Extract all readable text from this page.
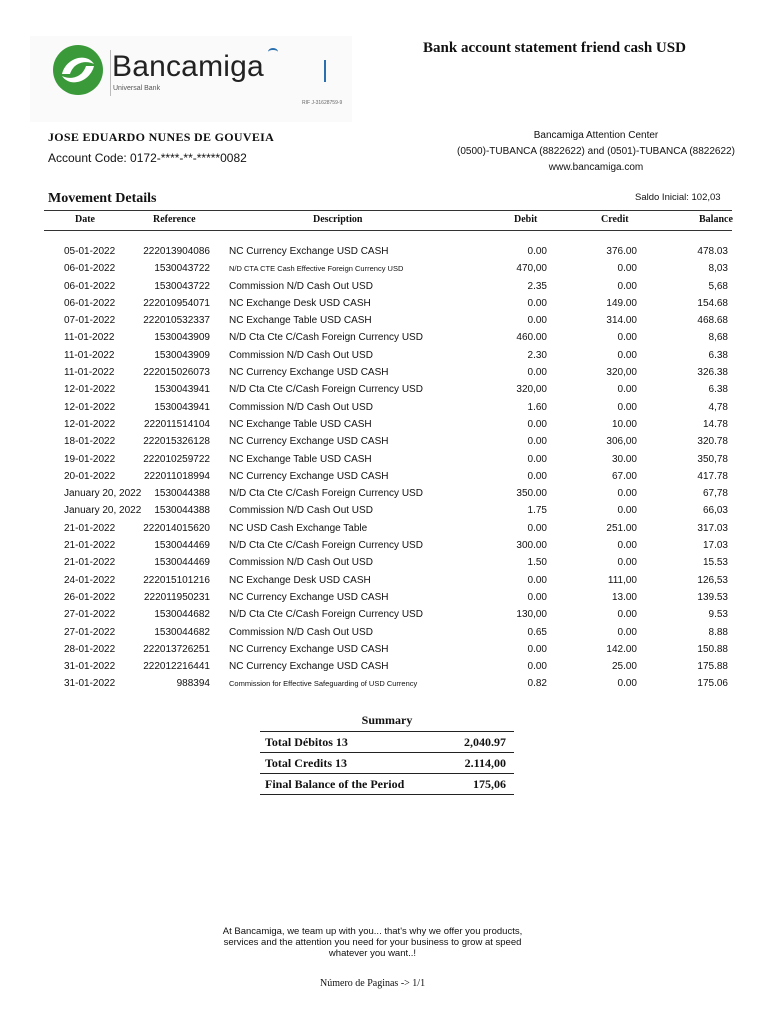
Bancamiga
Universal Bank
RIF J-31628759-9
Bank account statement friend cash USD
JOSE EDUARDO NUNES DE GOUVEIA
Account Code: 0172-****-**-*****0082
Bancamiga Attention Center
(0500)-TUBANCA (8822622) and (0501)-TUBANCA (8822622)
www.bancamiga.com
Movement Details	Saldo Inicial: 102,03
Date	Reference	Description	Debit	Credit	Balance
05-01-2022	222013904086 NC Currency Exchange USD CASH	0.00	376.00	478.03
06-01-2022	1530043722	N/D CTA CTE Cash Effective Foreign Currency USD	470,00	0.00	8,03
06-01-2022	1530043722 Commission N/D Cash Out USD	2.35	0.00	5,68
06-01-2022	222010954071 NC Exchange Desk USD CASH	0.00	149.00	154.68
07-01-2022	222010532337 NC Exchange Table USD CASH	0.00	314.00	468.68
11-01-2022	1530043909 N/D Cta Cte C/Cash Foreign Currency USD	460.00	0.00	8,68
11-01-2022	1530043909 Commission N/D Cash Out USD	2.30	0.00	6.38
11-01-2022	222015026073 NC Currency Exchange USD CASH	0.00	320,00	326.38
12-01-2022	1530043941 N/D Cta Cte C/Cash Foreign Currency USD	320,00	0.00	6.38
12-01-2022	1530043941 Commission N/D Cash Out USD	1.60	0.00	4,78
12-01-2022	222011514104 NC Exchange Table USD CASH	0.00	10.00	14.78
18-01-2022	222015326128 NC Currency Exchange USD CASH	0.00	306,00	320.78
19-01-2022	222010259722 NC Exchange Table USD CASH	0.00	30.00	350,78
20-01-2022	222011018994 NC Currency Exchange USD CASH	0.00	67.00	417.78
January 20, 2022	1530044388 N/D Cta Cte C/Cash Foreign Currency USD	350.00	0.00	67,78
January 20, 2022	1530044388 Commission N/D Cash Out USD	1.75	0.00	66,03
21-01-2022	222014015620 NC USD Cash Exchange Table	0.00	251.00	317.03
21-01-2022	1530044469 N/D Cta Cte C/Cash Foreign Currency USD	300.00	0.00	17.03
21-01-2022	1530044469 Commission N/D Cash Out USD	1.50	0.00	15.53
24-01-2022	222015101216 NC Exchange Desk USD CASH	0.00	111,00	126,53
26-01-2022	222011950231 NC Currency Exchange USD CASH	0.00	13.00	139.53
27-01-2022	1530044682 N/D Cta Cte C/Cash Foreign Currency USD	130,00	0.00	9.53
27-01-2022	1530044682 Commission N/D Cash Out USD	0.65	0.00	8.88
28-01-2022	222013726251 NC Currency Exchange USD CASH	0.00	142.00	150.88
31-01-2022	222012216441 NC Currency Exchange USD CASH	0.00	25.00	175.88
31-01-2022	988394	Commission for Effective Safeguarding of USD Currency	0.82	0.00	175.06
Summary
Total Débitos 13	2,040.97
Total Credits 13	2.114,00
Final Balance of the Period	175,06
At Bancamiga, we team up with you... that's why we offer you products,
services and the attention you need for your business to grow at speed
whatever you want..!
Número de Paginas -> 1/1
